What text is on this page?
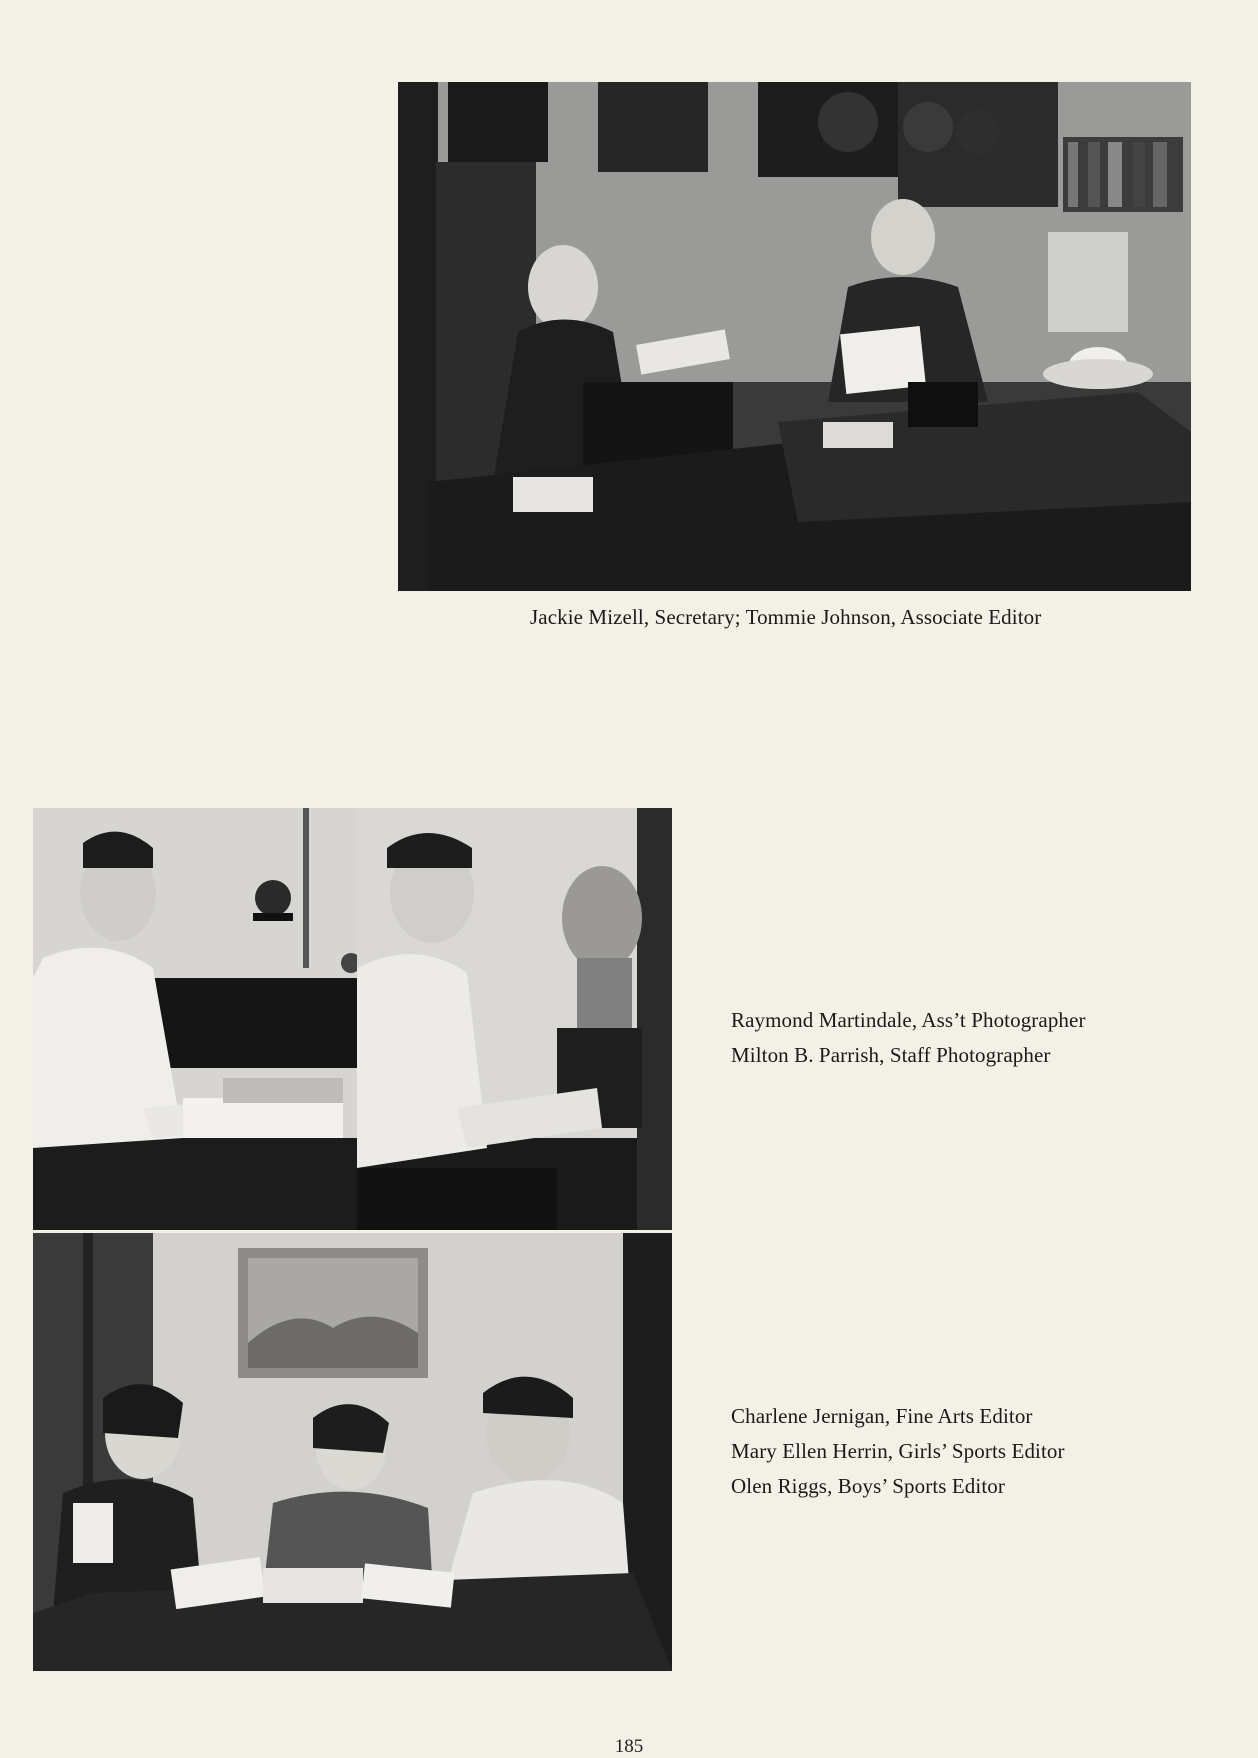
Jackie Mizell, Secretary; Tommie Johnson, Associate Editor
Raymond Martindale, Ass’t Photographer
Milton B. Parrish, Staff Photographer
Charlene Jernigan, Fine Arts Editor
Mary Ellen Herrin, Girls’ Sports Editor
Olen Riggs, Boys’ Sports Editor
185
